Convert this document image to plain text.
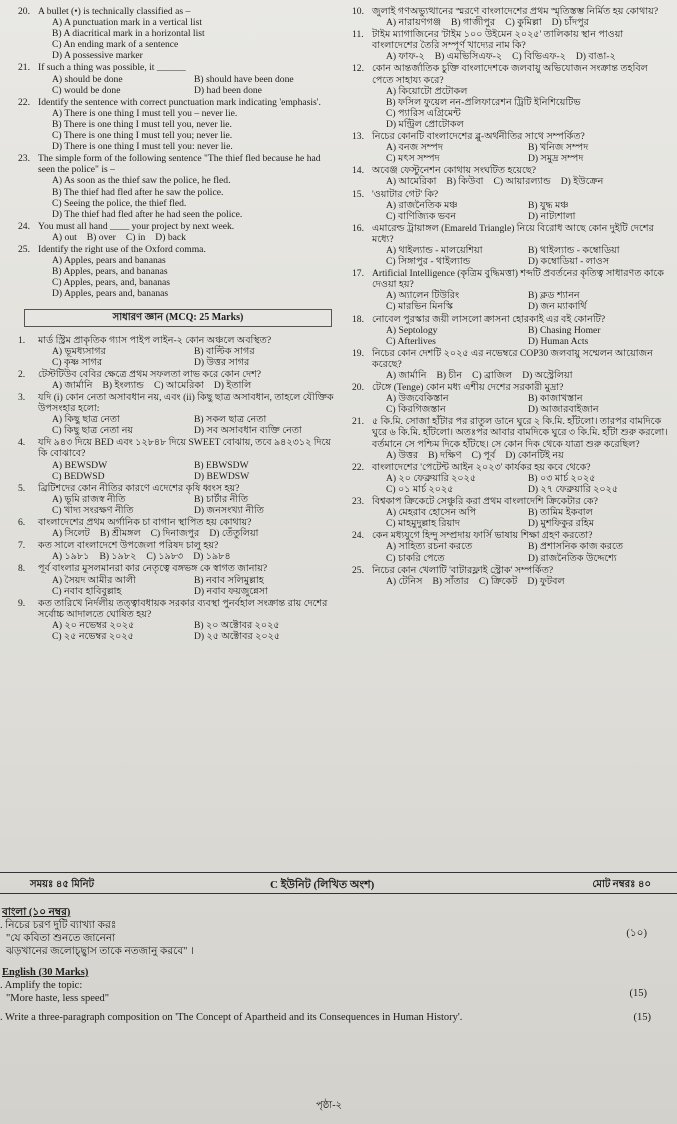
20. A bullet (•) is technically classified as –
A) A punctuation mark in a vertical list
B) A diacritical mark in a horizontal list
C) An ending mark of a sentence
D) A possessive marker
21. If such a thing was possible, it ______
A) should be done	B) should have been done
C) would be done	D) had been done
22. Identify the sentence with correct punctuation mark indicating 'emphasis'.
A) There is one thing I must tell you – never lie.
B) There is one thing I must tell you, never lie.
C) There is one thing I must tell you; never lie.
D) There is one thing I must tell you: never lie.
23. The simple form of the following sentence "The thief fled because he had seen the police" is –
A) As soon as the thief saw the police, he fled.
B) The thief had fled after he saw the police.
C) Seeing the police, the thief fled.
D) The thief had fled after he had seen the police.
24. You must all hand ____ your project by next week.
A) out B) over C) in D) back
25. Identify the right use of the Oxford comma.
A) Apples, pears and bananas
B) Apples, pears, and bananas
C) Apples, pears, and, bananas
D) Apples, pears and, bananas
সাধারণ জ্ঞান (MCQ: 25 Marks)
1.	মার্ড স্ট্রিম প্রাকৃতিক গ্যাস পাইপ লাইন-২ কোন অঞ্চলে অবস্থিত?
A) ভূমধ্যসাগর	B) বাল্টিক সাগর
C) কৃষ্ণ সাগর	D) উত্তর সাগর
2.	টেস্টটিউব বেবির ক্ষেত্রে প্রথম সফলতা লাভ করে কোন দেশ?
A) জার্মানি B) ইংল্যান্ড C) আমেরিকা D) ইতালি
3.	যদি (i) কোন নেতা অসাবধান নয়, এবং (ii) কিছু ছাত্র অসাবধান, তাহলে যৌক্তিক উপসংহার হলো:
A) কিছু ছাত্র নেতা	B) সকল ছাত্র নেতা
C) কিছু ছাত্র নেতা নয়	D) সব অসাবধান ব্যক্তি নেতা
4.	যদি ৯৪৩ দিয়ে BED এবং ১২৮৪৮ দিয়ে SWEET বোঝায়, তবে ৯৪২৩১২ দিয়ে কি বোঝাবে?
A) BEWSDW	B) EBWSDW
C) BEDWSD	D) BEWDSW
5.	ব্রিটিশদের কোন নীতির কারণে এদেশের কৃষি ধ্বংস হয়?
A) ভূমি রাজস্ব নীতি	B) চার্টার নীতি
C) খাদ্য সংরক্ষণ নীতি	D) জনসংখ্যা নীতি
6.	বাংলাদেশের প্রথম অর্গানিক চা বাগান স্থাপিত হয় কোথায়?
A) সিলেট B) শ্রীমঙ্গল C) দিনাজপুর D) তেঁতুলিয়া
7.	কত সালে বাংলাদেশে উপজেলা পরিষদ চালু হয়?
A) ১৯৮১ B) ১৯৮২ C) ১৯৮৩ D) ১৯৮৪
8.	পূর্ব বাংলার মুসলমানরা কার নেতৃত্বে বঙ্গভঙ্গ কে স্বাগত জানায়?
A) সৈয়দ আমীর আলী	B) নবাব সলিমুল্লাহ
C) নবাব হাবিবুল্লাহ	D) নবাব ফয়জুন্নেসা
9.	কত তারিখে নির্দলীয় তত্ত্বাবধায়ক সরকার ব্যবস্থা পুনর্বহাল সংক্রান্ত রায় দেশের সর্বোচ্চ আদালতে ঘোষিত হয়?
A) ২০ নভেম্বর ২০২৫	B) ২০ অক্টোবর ২০২৫
C) ২৫ নভেম্বর ২০২৫	D) ২৫ অক্টোবর ২০২৫
10. জুলাই গণঅভ্যুত্থানের স্মরণে বাংলাদেশের প্রথম স্মৃতিস্তম্ভ নির্মিত হয় কোথায়?
A) নারায়ণগঞ্জ B) গাজীপুর C) কুমিল্লা D) চাঁদপুর
11. টাইম ম্যাগাজিনের 'টাইম ১০০ উইমেন ২০২৫' তালিকায় স্থান পাওয়া বাংলাদেশের তৈরি সম্পূর্ণ খাদ্যের নাম কি?
A) ফাফ-২ B) এমভিসিএফ-২ C) বিভিএফ-২ D) বাঙা-২
12. কোন আন্তর্জাতিক চুক্তি বাংলাদেশকে জলবায়ু অভিযোজন সংক্রান্ত তহবিল পেতে সাহায্য করে?
A) কিয়োটো প্রটোকল
B) ফসিল ফুয়েল নন-প্রলিফারেশন ট্রিটি ইনিশিয়েটিভ
C) প্যারিস এগ্রিমেন্ট
D) মন্ট্রিল প্রোটোকল
13. নিচের কোনটি বাংলাদেশের ব্লু-অর্থনীতির সাথে সম্পর্কিত?
A) বনজ সম্পদ	B) খনিজ সম্পদ
C) মৎস সম্পদ	D) সমুদ্র সম্পদ
14. অবেঞ্জ ফেস্টুনেশন কোথায় সংঘটিত হয়েছে?
A) আমেরিকা B) কিউবা C) আয়ারল্যান্ড D) ইউক্রেন
15. 'ওয়াটার গেট' কি?
A) রাজনৈতিক মঞ্চ	B) যুদ্ধ মঞ্চ
C) বাণিজ্যিক ভবন	D) নাট্যশালা
16. এমারেল্ড ট্রায়াঙ্গল (Emareld Triangle) নিয়ে বিরোধ আছে কোন দুইটি দেশের মধ্যে?
A) থাইল্যান্ড - মালয়েশিয়া	B) থাইল্যান্ড - কম্বোডিয়া
C) সিঙ্গাপুর - থাইল্যান্ড	D) কম্বোডিয়া - লাওস
17. Artificial Intelligence (কৃত্রিম বুদ্ধিমত্তা) শব্দটি প্রবর্তনের কৃতিত্ব সাধারণত কাকে দেওয়া হয়?
A) অ্যালেন টিউরিং	B) ক্লড শ্যানন
C) মারভিন মিনস্কি	D) জন ম্যাকার্থি
18. নোবেল পুরস্কার জয়ী লাসলো ক্রাসনা হোরকাই এর বই কোনটি?
A) Septology	B) Chasing Homer
C) Afterlives	D) Human Acts
19. নিচের কোন দেশটি ২০২৫ এর নভেম্বরে COP30 জলবায়ু সম্মেলন আয়োজন করেছে?
A) জার্মানি B) চীন C) ব্রাজিল D) অস্ট্রেলিয়া
20. টেঙ্গে (Tenge) কোন মধ্য এশীয় দেশের সরকারী মুদ্রা?
A) উজবেকিস্তান	B) কাজাখস্তান
C) কিরগিজস্তান	D) আজারবাইজান
21. ৫ কি.মি. সোজা হাঁটার পর রাতুল ডানে ঘুরে ২ কি.মি. হাঁটলো। তারপর বামদিকে ঘুরে ৬ কি.মি. হাঁটলো। অতঃপর আবার বামদিকে ঘুরে ৩ কি.মি. হাঁটা শুরু করলো। বর্তমানে সে পশ্চিম দিকে হাঁটছে। সে কোন দিক থেকে যাত্রা শুরু করেছিল?
A) উত্তর B) দক্ষিণ C) পূর্ব D) কোনটিই নয়
22. বাংলাদেশের 'পেটেন্ট আইন ২০২৩' কার্যকর হয় কবে থেকে?
A) ২০ ফেব্রুয়ারি ২০২৫	B) ০৩ মার্চ ২০২৫
C) ০১ মার্চ ২০২৫	D) ২৭ ফেব্রুয়ারি ২০২৫
23. বিশ্বকাপ ক্রিকেটে সেঞ্চুরি করা প্রথম বাংলাদেশি ক্রিকেটার কে?
A) মেহরাব হোসেন অপি	B) তামিম ইকবাল
C) মাহমুদুল্লাহ রিয়াদ	D) মুশফিকুর রহিম
24. কেন মধ্যযুগে হিন্দু সম্প্রদায় ফার্সি ভাষায় শিক্ষা গ্রহণ করতো?
A) সাহিত্য রচনা করতে	B) প্রশাসনিক কাজ করতে
C) চাকরি পেতে	D) রাজনৈতিক উদ্দেশ্যে
25. নিচের কোন খেলাটি 'বাটারফ্লাই স্ট্রোক' সম্পর্কিত?
A) টেনিস B) সাঁতার C) ক্রিকেট D) ফুটবল
সময়ঃ ৪৫ মিনিট	C ইউনিট (লিখিত অংশ)	মোট নম্বরঃ ৪০
বাংলা (১০ নম্বর)
. নিচের চরণ দুটি ব্যাখ্যা করঃ
(১০)
"যে কবিতা শুনতে জানেনা
ঝড়খানের জলোচ্ছ্বাস তাকে নতজানু করবে" ।
English (30 Marks)
. Amplify the topic:
(15)
"More haste, less speed"
. Write a three-paragraph composition on 'The Concept of Apartheid and its Consequences in Human History'.	(15)
পৃষ্ঠা-২
